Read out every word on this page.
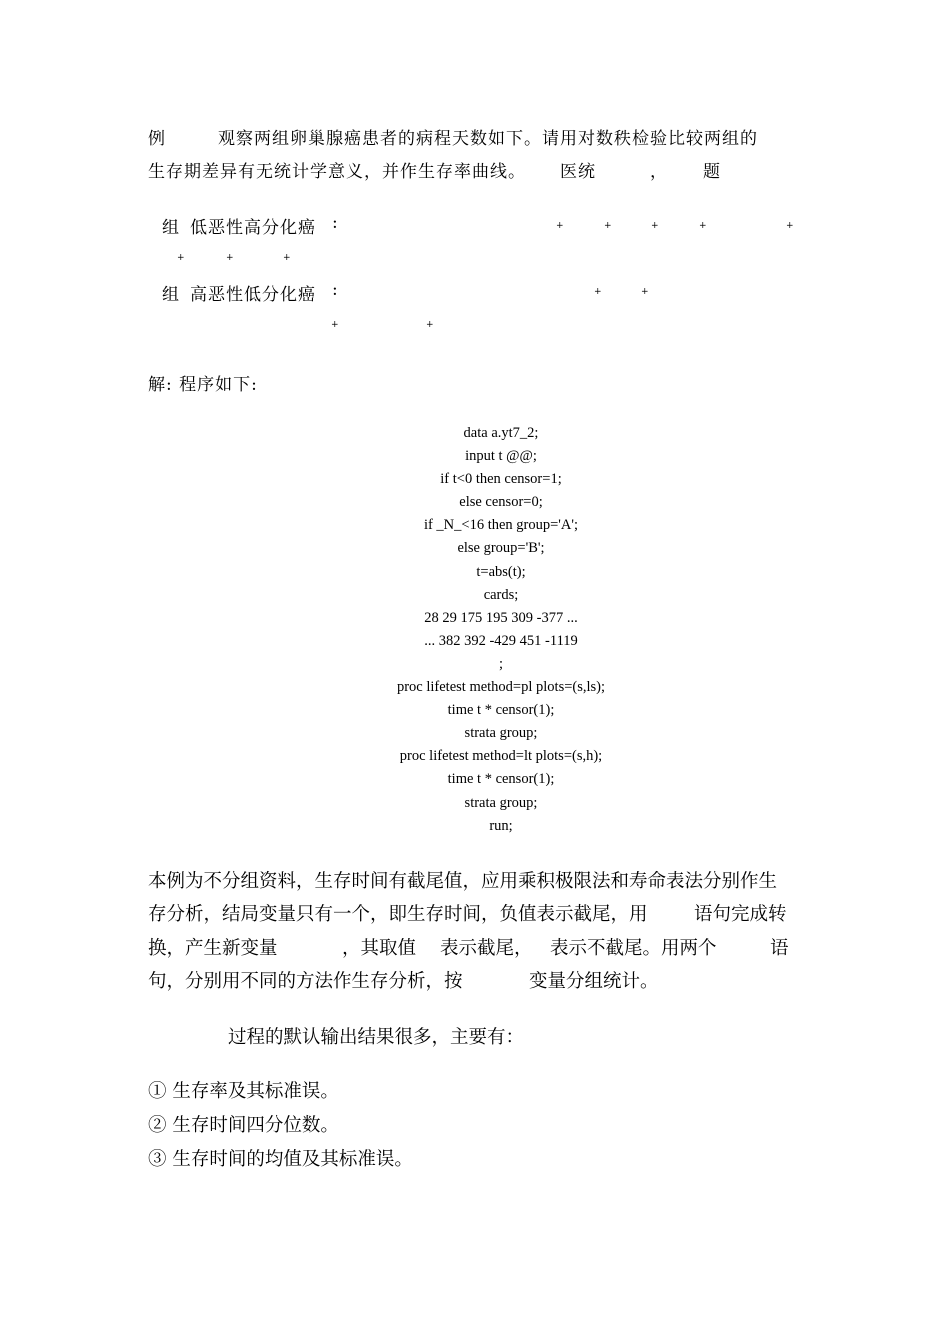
例	观察两组卵巢腺癌患者的病程天数如下。请用对数秩检验比较两组的
生存期差异有无统计学意义，并作生存率曲线。 医统	， 题
组 低恶性高分化癌 :	+	+	+	+	+
+	+	+
组 高恶性低分化癌 :	+	+
+	+
解: 程序如下:
data a.yt7_2;
input t @@;
if t<0 then censor=1;
else censor=0;
if _N_<16 then group='A';
else group='B';
t=abs(t);
cards;
28 29 175 195 309 -377 ...
... 382 392 -429 451 -1119
;
proc lifetest method=pl plots=(s,ls);
time t * censor(1);
strata group;
proc lifetest method=lt plots=(s,h);
time t * censor(1);
strata group;
run;
本例为不分组资料，生存时间有截尾值，应用乘积极限法和寿命表法分别作生
存分析，结局变量只有一个，即生存时间，负值表示截尾，用	语句完成转
换，产生新变量	，其取值 表示截尾， 表示不截尾。用两个	语
句，分别用不同的方法作生存分析，按	变量分组统计。
过程的默认输出结果很多，主要有：
① 生存率及其标准误。
② 生存时间四分位数。
③ 生存时间的均值及其标准误。
